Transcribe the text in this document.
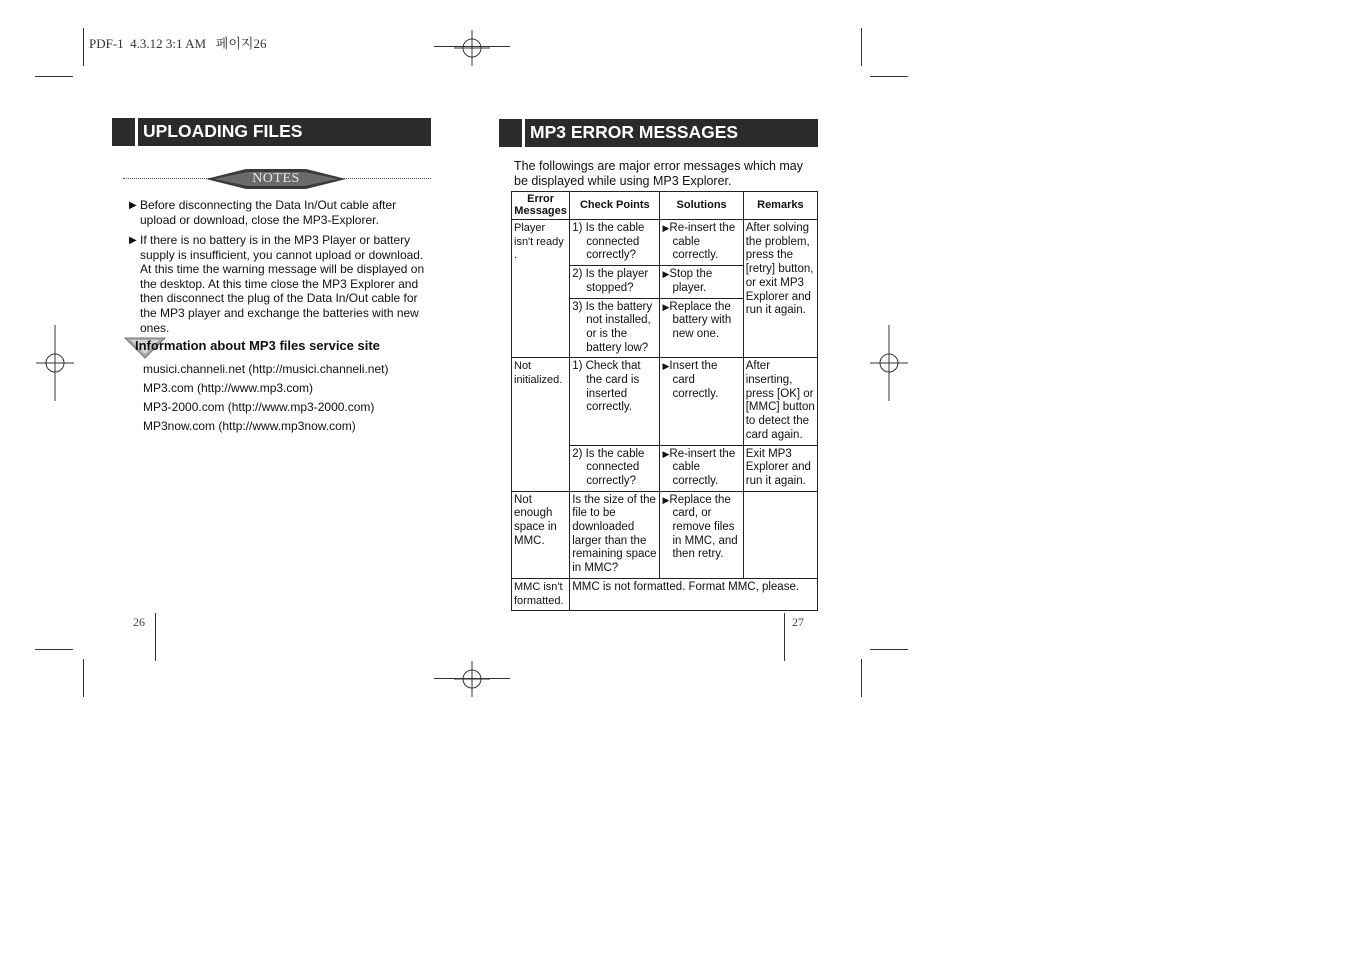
PDF-1  4.3.12 3:1 AM   페이지26
UPLOADING FILES
NOTES
▶ Before disconnecting the Data In/Out cable after upload or download, close the MP3-Explorer.
▶ If there is no battery is in the MP3 Player or battery supply is insufficient, you cannot upload or download. At this time the warning message will be displayed on the desktop. At this time close the MP3 Explorer and then disconnect the plug of the Data In/Out cable for the MP3 player and exchange the batteries with new ones.
Information about MP3 files service site
musici.channeli.net (http://musici.channeli.net)
MP3.com (http://www.mp3.com)
MP3-2000.com (http://www.mp3-2000.com)
MP3now.com (http://www.mp3now.com)
26
MP3 ERROR MESSAGES
The followings are major error messages which may be displayed while using MP3 Explorer.
Error Messages	Check Points	Solutions	Remarks
Player isn't ready .	1) Is the cable connected correctly?	▶Re-insert the cable correctly.	After solving the problem, press the [retry] button, or exit MP3 Explorer and run it again.

	2) Is the player stopped?	▶Stop the player.	

	3) Is the battery not installed, or is the battery low?	▶Replace the battery with new one.	

Not initialized.	1) Check that the card is inserted correctly.	▶Insert the card correctly.	After inserting, press [OK] or [MMC] button to detect the card again.

	2) Is the cable connected correctly?	▶Re-insert the cable correctly.	Exit MP3 Explorer and run it again.
Not enough space in MMC.	Is the size of the file to be downloaded larger than the remaining space in MMC?	▶Replace the card, or remove files in MMC, and then retry.	

MMC isn't formatted.	MMC is not formatted. Format MMC, please.		
27
